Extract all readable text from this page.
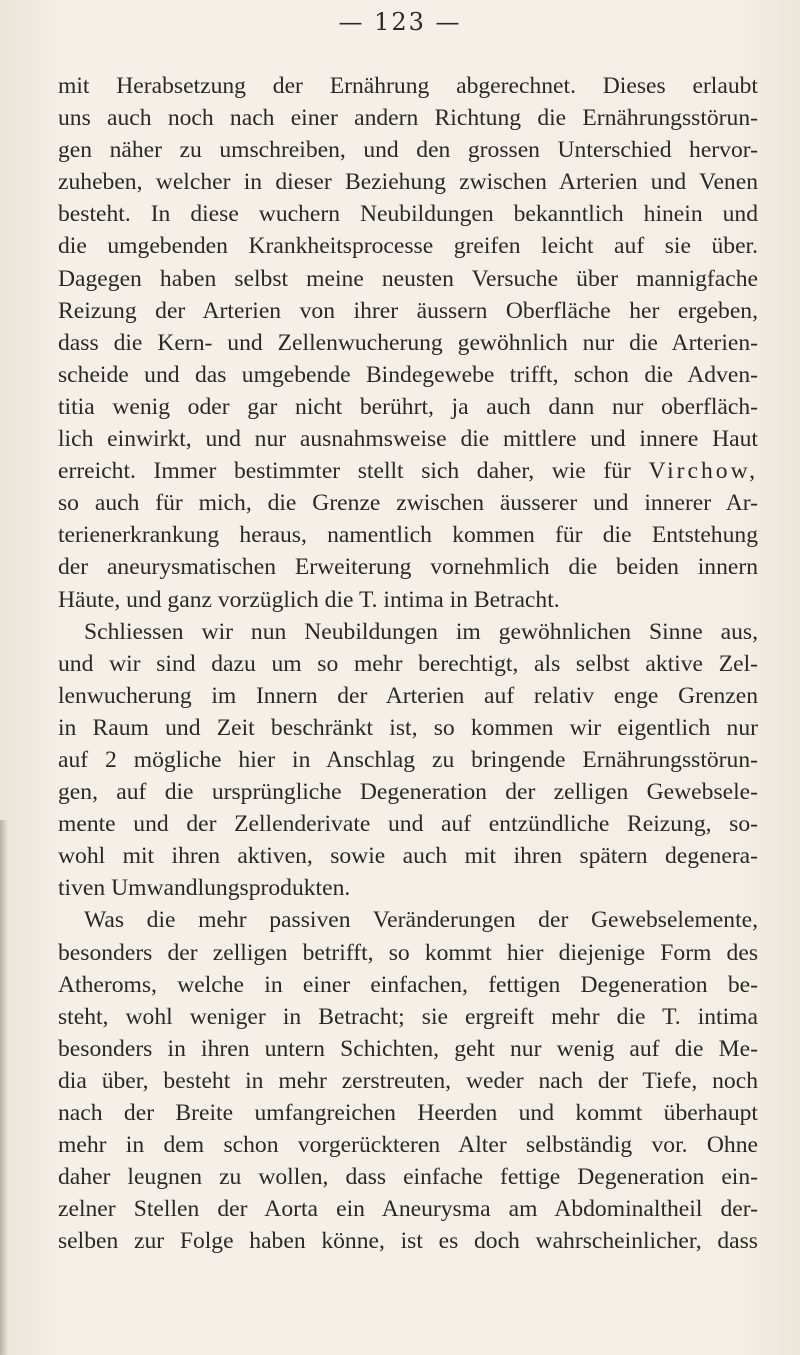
— 123 —
mit Herabsetzung der Ernährung abgerechnet. Dieses erlaubt
uns auch noch nach einer andern Richtung die Ernährungsstörun-
gen näher zu umschreiben, und den grossen Unterschied hervor-
zuheben, welcher in dieser Beziehung zwischen Arterien und Venen
besteht. In diese wuchern Neubildungen bekanntlich hinein und
die umgebenden Krankheitsprocesse greifen leicht auf sie über.
Dagegen haben selbst meine neusten Versuche über mannigfache
Reizung der Arterien von ihrer äussern Oberfläche her ergeben,
dass die Kern- und Zellenwucherung gewöhnlich nur die Arterien-
scheide und das umgebende Bindegewebe trifft, schon die Adven-
titia wenig oder gar nicht berührt, ja auch dann nur oberfläch-
lich einwirkt, und nur ausnahmsweise die mittlere und innere Haut
erreicht. Immer bestimmter stellt sich daher, wie für Virchow,
so auch für mich, die Grenze zwischen äusserer und innerer Ar-
terienerkrankung heraus, namentlich kommen für die Entstehung
der aneurysmatischen Erweiterung vornehmlich die beiden innern
Häute, und ganz vorzüglich die T. intima in Betracht.
Schliessen wir nun Neubildungen im gewöhnlichen Sinne aus,
und wir sind dazu um so mehr berechtigt, als selbst aktive Zel-
lenwucherung im Innern der Arterien auf relativ enge Grenzen
in Raum und Zeit beschränkt ist, so kommen wir eigentlich nur
auf 2 mögliche hier in Anschlag zu bringende Ernährungsstörun-
gen, auf die ursprüngliche Degeneration der zelligen Gewebsele-
mente und der Zellenderivate und auf entzündliche Reizung, so-
wohl mit ihren aktiven, sowie auch mit ihren spätern degenera-
tiven Umwandlungsprodukten.
Was die mehr passiven Veränderungen der Gewebselemente,
besonders der zelligen betrifft, so kommt hier diejenige Form des
Atheroms, welche in einer einfachen, fettigen Degeneration be-
steht, wohl weniger in Betracht; sie ergreift mehr die T. intima
besonders in ihren untern Schichten, geht nur wenig auf die Me-
dia über, besteht in mehr zerstreuten, weder nach der Tiefe, noch
nach der Breite umfangreichen Heerden und kommt überhaupt
mehr in dem schon vorgerückteren Alter selbständig vor. Ohne
daher leugnen zu wollen, dass einfache fettige Degeneration ein-
zelner Stellen der Aorta ein Aneurysma am Abdominaltheil der-
selben zur Folge haben könne, ist es doch wahrscheinlicher, dass
